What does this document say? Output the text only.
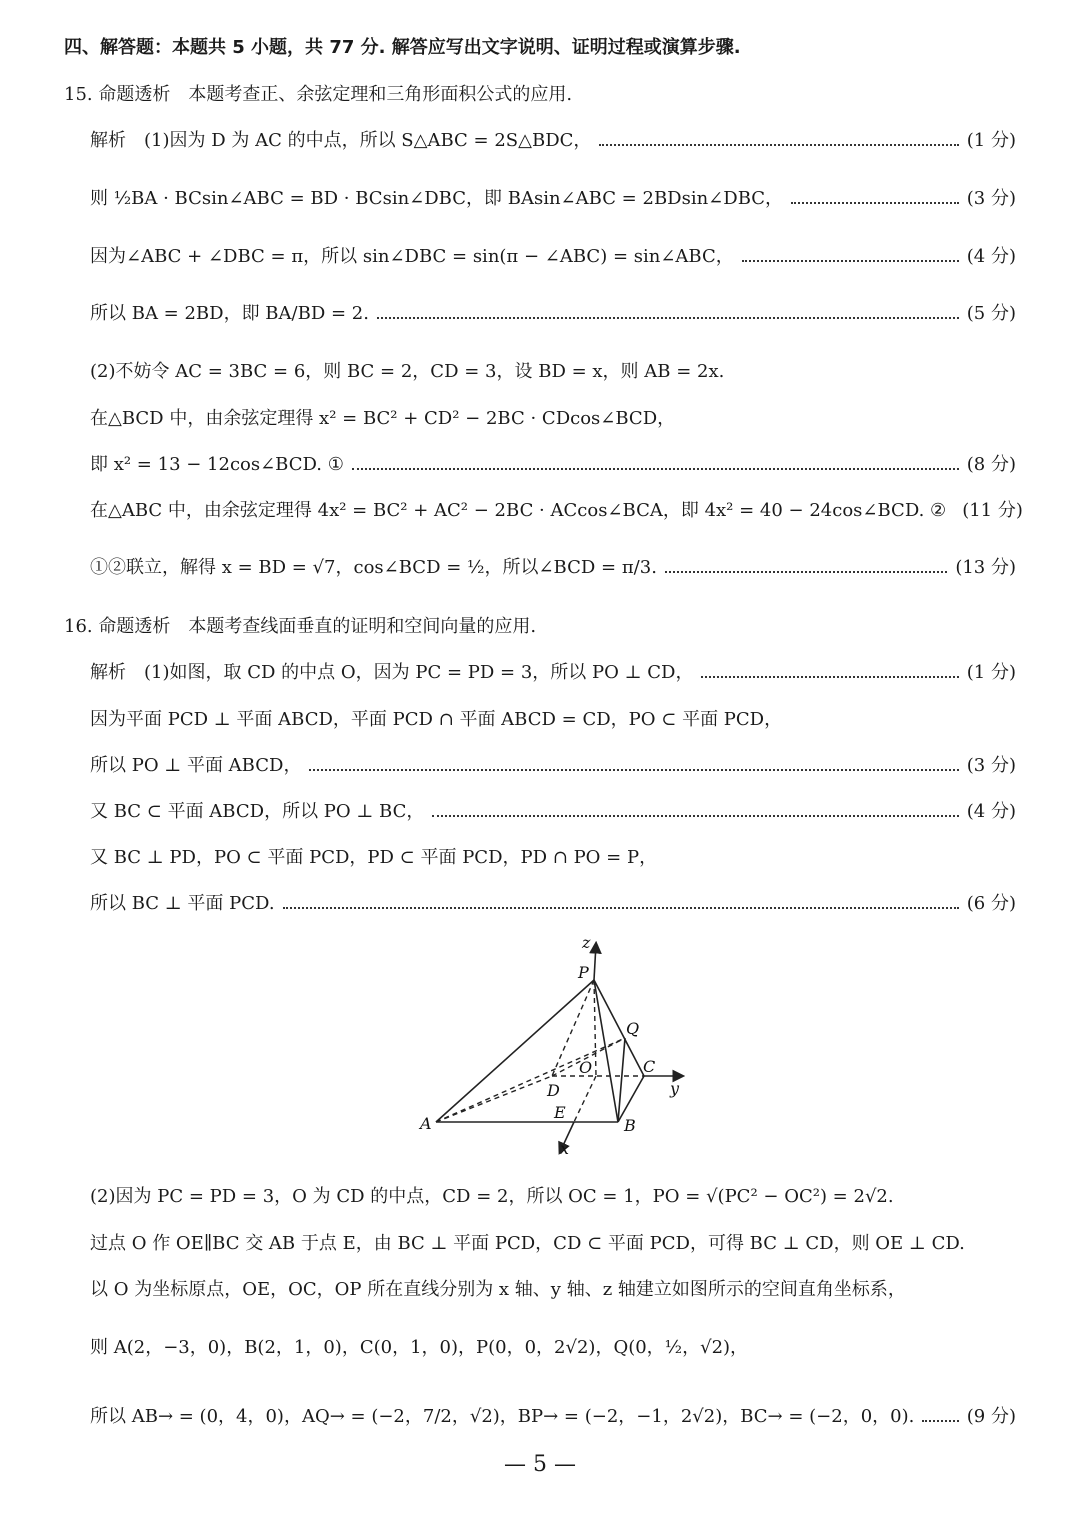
四、解答题：本题共 5 小题，共 77 分. 解答应写出文字说明、证明过程或演算步骤.
15. 命题透析　本题考查正、余弦定理和三角形面积公式的应用.
解析　(1)因为 D 为 AC 的中点，所以 S△ABC = 2S△BDC，	(1 分)
则 ½BA · BCsin∠ABC = BD · BCsin∠DBC，即 BAsin∠ABC = 2BDsin∠DBC，	(3 分)
因为∠ABC + ∠DBC = π，所以 sin∠DBC = sin(π − ∠ABC) = sin∠ABC，	(4 分)
所以 BA = 2BD，即 BA/BD = 2.	(5 分)
(2)不妨令 AC = 3BC = 6，则 BC = 2，CD = 3，设 BD = x，则 AB = 2x.
在△BCD 中，由余弦定理得 x² = BC² + CD² − 2BC · CDcos∠BCD，
即 x² = 13 − 12cos∠BCD. ①	(8 分)
在△ABC 中，由余弦定理得 4x² = BC² + AC² − 2BC · ACcos∠BCA，即 4x² = 40 − 24cos∠BCD. ② (11 分)
①②联立，解得 x = BD = √7，cos∠BCD = ½，所以∠BCD = π/3.	(13 分)
16. 命题透析　本题考查线面垂直的证明和空间向量的应用.
解析　(1)如图，取 CD 的中点 O，因为 PC = PD = 3，所以 PO ⊥ CD，	(1 分)
因为平面 PCD ⊥ 平面 ABCD，平面 PCD ∩ 平面 ABCD = CD，PO ⊂ 平面 PCD，
所以 PO ⊥ 平面 ABCD，	(3 分)
又 BC ⊂ 平面 ABCD，所以 PO ⊥ BC，	(4 分)
又 BC ⊥ PD，PO ⊂ 平面 PCD，PD ⊂ 平面 PCD，PD ∩ PO = P，
所以 BC ⊥ 平面 PCD.	(6 分)
z
P
Q
C
O
D	y
E
A	B
x
(2)因为 PC = PD = 3，O 为 CD 的中点，CD = 2，所以 OC = 1，PO = √(PC² − OC²) = 2√2.
过点 O 作 OE∥BC 交 AB 于点 E，由 BC ⊥ 平面 PCD，CD ⊂ 平面 PCD，可得 BC ⊥ CD，则 OE ⊥ CD.
以 O 为坐标原点，OE，OC，OP 所在直线分别为 x 轴、y 轴、z 轴建立如图所示的空间直角坐标系，
则 A(2，−3，0)，B(2，1，0)，C(0，1，0)，P(0，0，2√2)，Q(0，½，√2)，
所以 AB→ = (0，4，0)，AQ→ = (−2，7/2，√2)，BP→ = (−2，−1，2√2)，BC→ = (−2，0，0).	(9 分)
— 5 —
